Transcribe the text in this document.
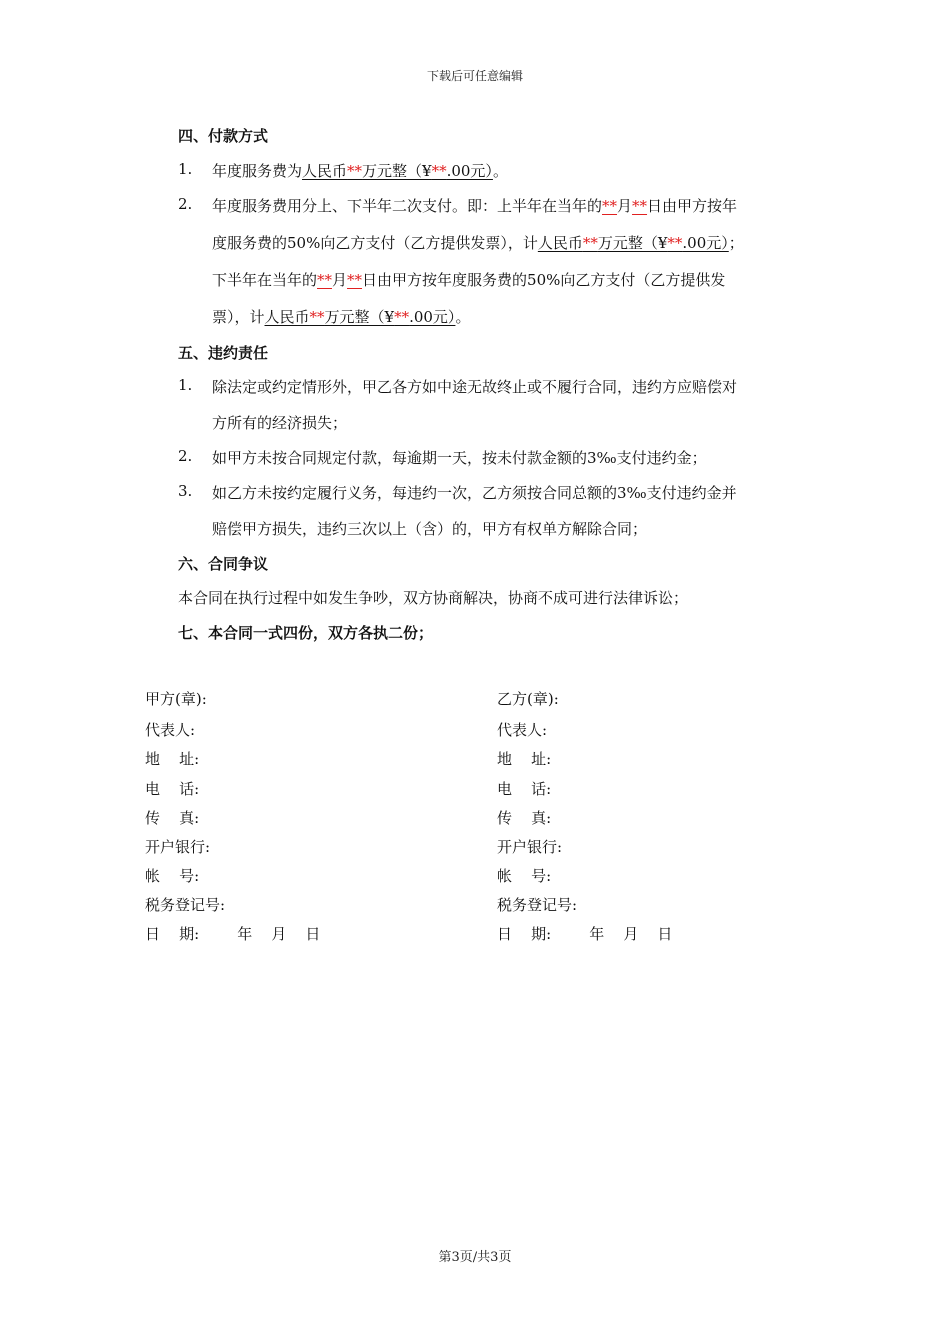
下载后可任意编辑
四、付款方式
1. 年度服务费为人民币**万元整（¥**.00元）。
2. 年度服务费用分上、下半年二次支付。即：上半年在当年的**月**日由甲方按年
度服务费的50%向乙方支付（乙方提供发票），计人民币**万元整（¥**.00元）；
下半年在当年的**月**日由甲方按年度服务费的50%向乙方支付（乙方提供发
票），计人民币**万元整（¥**.00元）。
五、违约责任
1. 除法定或约定情形外，甲乙各方如中途无故终止或不履行合同，违约方应赔偿对
方所有的经济损失；
2. 如甲方未按合同规定付款，每逾期一天，按未付款金额的3‰支付违约金；
3. 如乙方未按约定履行义务，每违约一次，乙方须按合同总额的3‰支付违约金并
赔偿甲方损失，违约三次以上（含）的，甲方有权单方解除合同；
六、合同争议
本合同在执行过程中如发生争吵，双方协商解决，协商不成可进行法律诉讼；
七、本合同一式四份，双方各执二份；
甲方(章):
代表人:
地    址:
电    话:
传    真:
开户银行:
帐    号:
税务登记号:
日    期:        年    月    日
乙方(章):
代表人:
地    址:
电    话:
传    真:
开户银行:
帐    号:
税务登记号:
日    期:        年    月    日
第3页/共3页
